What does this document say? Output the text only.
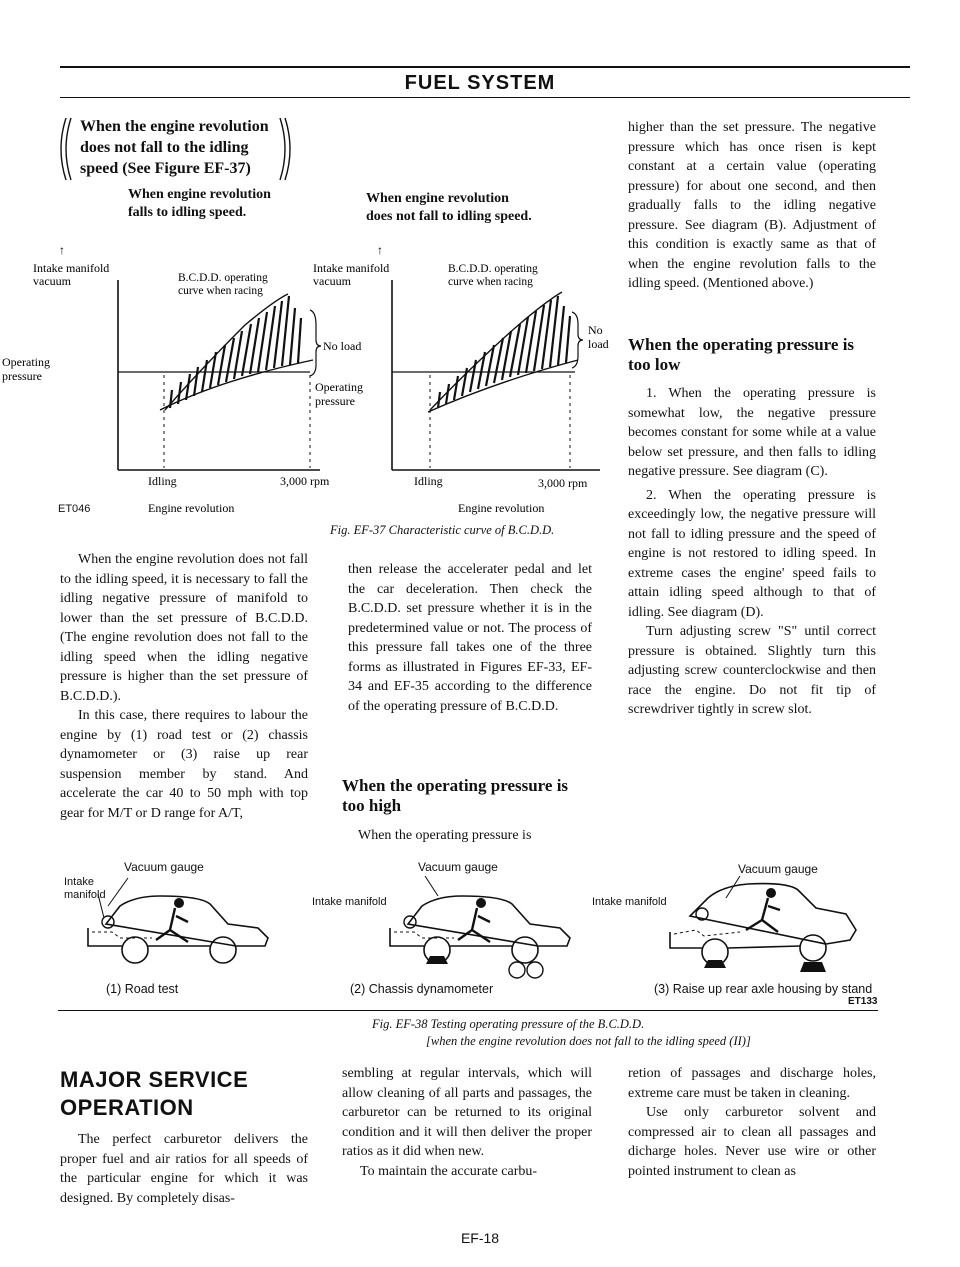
FUEL SYSTEM
When the engine revolution does not fall to the idling speed (See Figure EF-37)
When engine revolution
falls to idling speed.
↑
Intake manifold
vacuum	B.C.D.D. operating
curve when racing
Operating
pressure
No load
Idling	3,000 rpm
Engine revolution
ET046
When engine revolution
does not fall to idling speed.
↑
Intake manifold
vacuum
B.C.D.D. operating
curve when racing
Operating
pressure
No
load
Idling	3,000 rpm
Engine revolution
Fig. EF-37 Characteristic curve of B.C.D.D.

When the engine revolution does not fall to the idling speed, it is necessary to fall the idling negative pressure of manifold to lower than the set pressure of B.C.D.D. (The engine revolution does not fall to the idling speed when the idling negative pressure is higher than the set pressure of B.C.D.D.).

In this case, there requires to labour the engine by (1) road test or (2) chassis dynamometer or (3) raise up rear suspension member by stand. And accelerate the car 40 to 50 mph with top gear for M/T or D range for A/T,

then release the accelerater pedal and let the car deceleration. Then check the B.C.D.D. set pressure whether it is in the predetermined value or not. The process of this pressure fall takes one of the three forms as illustrated in Figures EF-33, EF-34 and EF-35 according to the difference of the operating pressure of B.C.D.D.

When the operating pressure is too high

When the operating pressure is

higher than the set pressure. The negative pressure which has once risen is kept constant at a certain value (operating pressure) for about one second, and then gradually falls to the idling negative pressure. See diagram (B). Adjustment of this condition is exactly same as that of when the engine revolution falls to the idling speed. (Mentioned above.)

When the operating pressure is too low

1. When the operating pressure is somewhat low, the negative pressure becomes constant for some while at a value below set pressure, and then falls to idling negative pressure. See diagram (C).

2. When the operating pressure is exceedingly low, the negative pressure will not fall to idling pressure and the speed of engine is not restored to idling speed. In extreme cases the engine' speed fails to attain idling speed although to that of idling. See diagram (D).

Turn adjusting screw "S" until correct pressure is obtained. Slightly turn this adjusting screw counterclockwise and then race the engine. Do not fit tip of screwdriver tightly in screw slot.

Vacuum gauge
Intake
manifold
(1) Road test
Vacuum gauge
Intake manifold
(2) Chassis dynamometer
Vacuum gauge
Intake manifold
(3) Raise up rear axle housing by stand
ET133
Fig. EF-38 Testing operating pressure of the B.C.D.D.
[when the engine revolution does not fall to the idling speed (II)]
MAJOR SERVICE
OPERATION

The perfect carburetor delivers the proper fuel and air ratios for all speeds of the particular engine for which it was designed. By completely disas-

sembling at regular intervals, which will allow cleaning of all parts and passages, the carburetor can be returned to its original condition and it will then deliver the proper ratios as it did when new.

To maintain the accurate carbu-

retion of passages and discharge holes, extreme care must be taken in cleaning.

Use only carburetor solvent and compressed air to clean all passages and dicharge holes. Never use wire or other pointed instrument to clean as

EF-18
